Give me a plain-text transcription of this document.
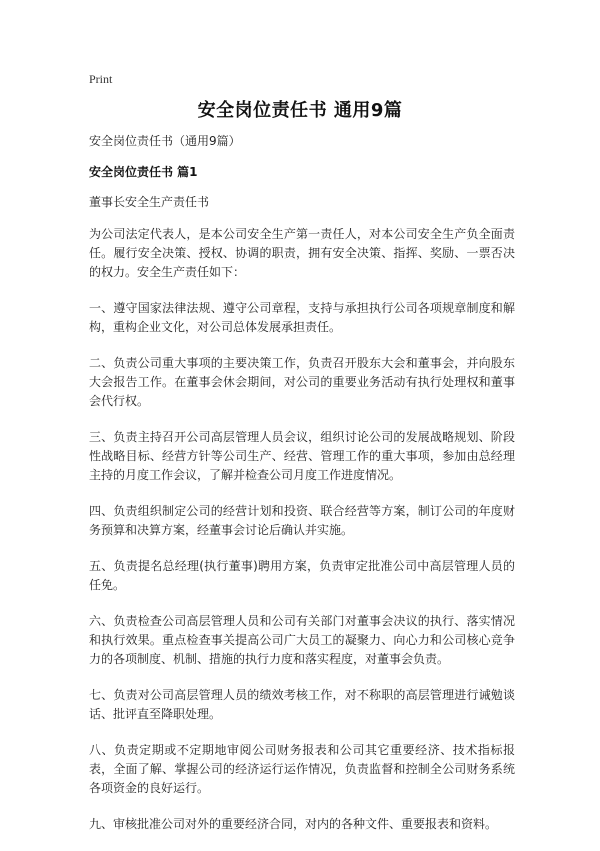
Print
安全岗位责任书 通用9篇

安全岗位责任书（通用9篇）

安全岗位责任书 篇1

董事长安全生产责任书

为公司法定代表人，是本公司安全生产第一责任人，对本公司安全生产负全面责任。履行安全决策、授权、协调的职责，拥有安全决策、指挥、奖励、一票否决的权力。安全生产责任如下：

一、遵守国家法律法规、遵守公司章程，支持与承担执行公司各项规章制度和解构，重构企业文化，对公司总体发展承担责任。

二、负责公司重大事项的主要决策工作，负责召开股东大会和董事会，并向股东大会报告工作。在董事会休会期间，对公司的重要业务活动有执行处理权和董事会代行权。

三、负责主持召开公司高层管理人员会议，组织讨论公司的发展战略规划、阶段性战略目标、经营方针等公司生产、经营、管理工作的重大事项，参加由总经理主持的月度工作会议，了解并检查公司月度工作进度情况。

四、负责组织制定公司的经营计划和投资、联合经营等方案，制订公司的年度财务预算和决算方案，经董事会讨论后确认并实施。

五、负责提名总经理(执行董事)聘用方案，负责审定批准公司中高层管理人员的任免。

六、负责检查公司高层管理人员和公司有关部门对董事会决议的执行、落实情况和执行效果。重点检查事关提高公司广大员工的凝聚力、向心力和公司核心竞争力的各项制度、机制、措施的执行力度和落实程度，对董事会负责。

七、负责对公司高层管理人员的绩效考核工作，对不称职的高层管理进行诫勉谈话、批评直至降职处理。

八、负责定期或不定期地审阅公司财务报表和公司其它重要经济、技术指标报表，全面了解、掌握公司的经济运行运作情况，负责监督和控制全公司财务系统各项资金的良好运行。

九、审核批准公司对外的重要经济合同，对内的各种文件、重要报表和资料。
